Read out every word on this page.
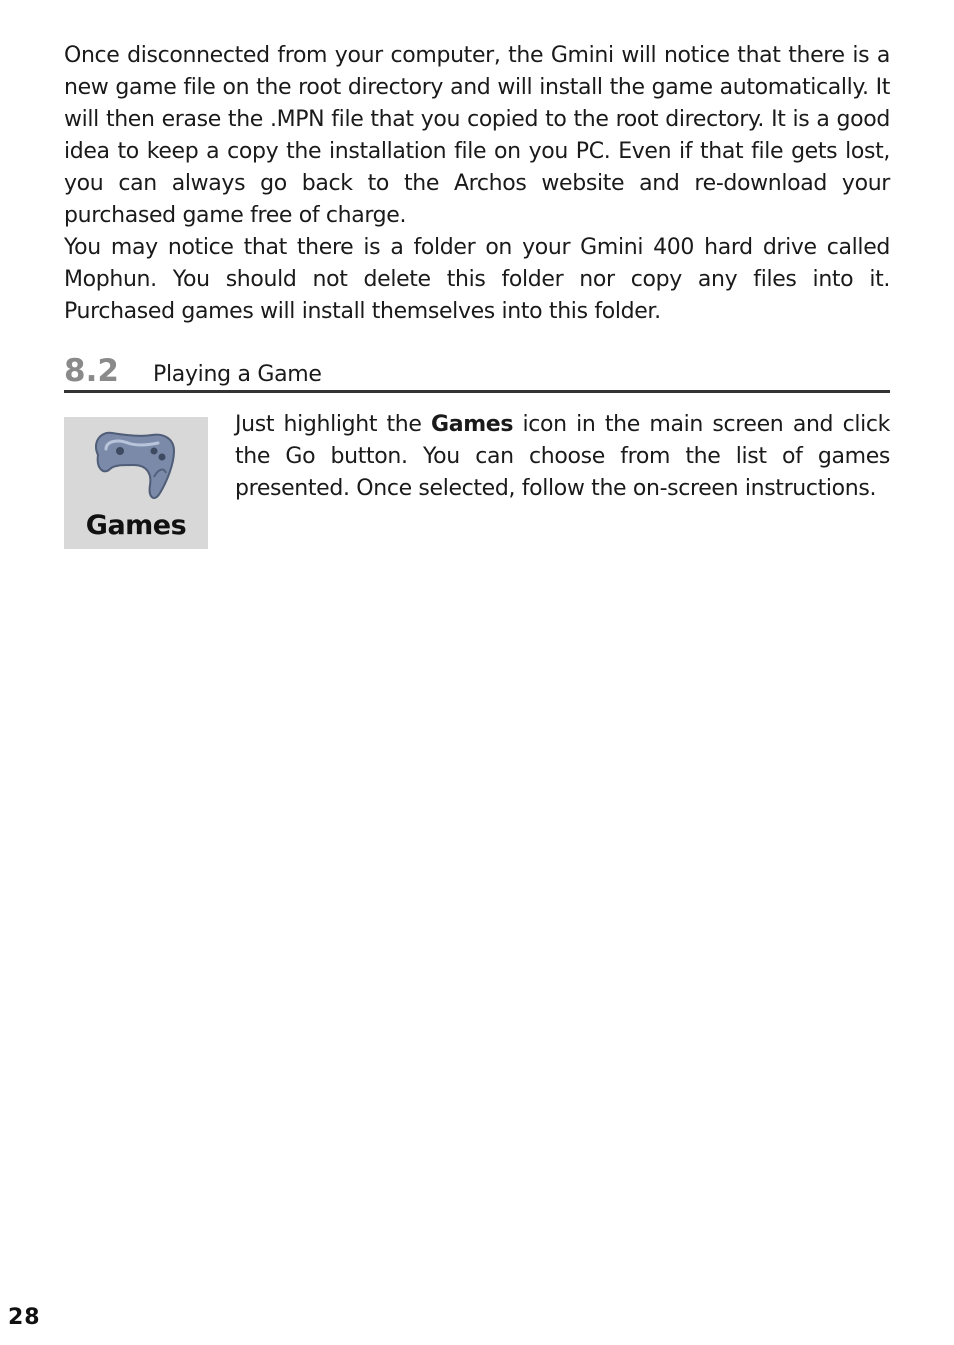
Once disconnected from your computer, the Gmini will notice that there is a new game file on the root directory and will install the game automatically. It will then erase the .MPN file that you copied to the root directory. It is a good idea to keep a copy the installation file on you PC. Even if that file gets lost, you can always go back to the Archos website and re-download your purchased game free of charge.

You may notice that there is a folder on your Gmini 400 hard drive called Mophun. You should not delete this folder nor copy any files into it. Purchased games will install themselves into this folder.

8.2	Playing a Game
Games

Just highlight the Games icon in the main screen and click the Go button. You can choose from the list of games presented. Once selected, follow the on-screen instructions.

28
